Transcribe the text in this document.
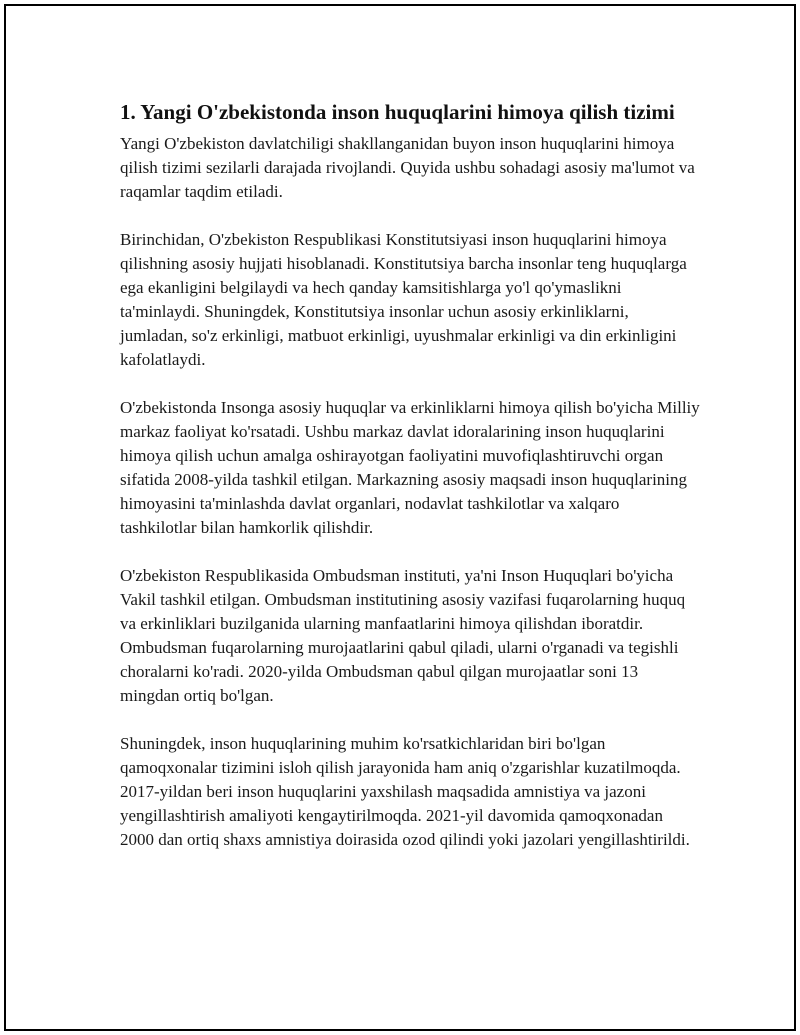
1. Yangi O'zbekistonda inson huquqlarini himoya qilish tizimi

Yangi O'zbekiston davlatchiligi shakllanganidan buyon inson huquqlarini himoya qilish tizimi sezilarli darajada rivojlandi. Quyida ushbu sohadagi asosiy ma'lumot va raqamlar taqdim etiladi.

Birinchidan, O'zbekiston Respublikasi Konstitutsiyasi inson huquqlarini himoya qilishning asosiy hujjati hisoblanadi. Konstitutsiya barcha insonlar teng huquqlarga ega ekanligini belgilaydi va hech qanday kamsitishlarga yo'l qo'ymaslikni ta'minlaydi. Shuningdek, Konstitutsiya insonlar uchun asosiy erkinliklarni, jumladan, so'z erkinligi, matbuot erkinligi, uyushmalar erkinligi va din erkinligini kafolatlaydi.

O'zbekistonda Insonga asosiy huquqlar va erkinliklarni himoya qilish bo'yicha Milliy markaz faoliyat ko'rsatadi. Ushbu markaz davlat idoralarining inson huquqlarini himoya qilish uchun amalga oshirayotgan faoliyatini muvofiqlashtiruvchi organ sifatida 2008-yilda tashkil etilgan. Markazning asosiy maqsadi inson huquqlarining himoyasini ta'minlashda davlat organlari, nodavlat tashkilotlar va xalqaro tashkilotlar bilan hamkorlik qilishdir.

O'zbekiston Respublikasida Ombudsman instituti, ya'ni Inson Huquqlari bo'yicha Vakil tashkil etilgan. Ombudsman institutining asosiy vazifasi fuqarolarning huquq va erkinliklari buzilganida ularning manfaatlarini himoya qilishdan iboratdir. Ombudsman fuqarolarning murojaatlarini qabul qiladi, ularni o'rganadi va tegishli choralarni ko'radi. 2020-yilda Ombudsman qabul qilgan murojaatlar soni 13 mingdan ortiq bo'lgan.

Shuningdek, inson huquqlarining muhim ko'rsatkichlaridan biri bo'lgan qamoqxonalar tizimini isloh qilish jarayonida ham aniq o'zgarishlar kuzatilmoqda. 2017-yildan beri inson huquqlarini yaxshilash maqsadida amnistiya va jazoni yengillashtirish amaliyoti kengaytirilmoqda. 2021-yil davomida qamoqxonadan 2000 dan ortiq shaxs amnistiya doirasida ozod qilindi yoki jazolari yengillashtirildi.
